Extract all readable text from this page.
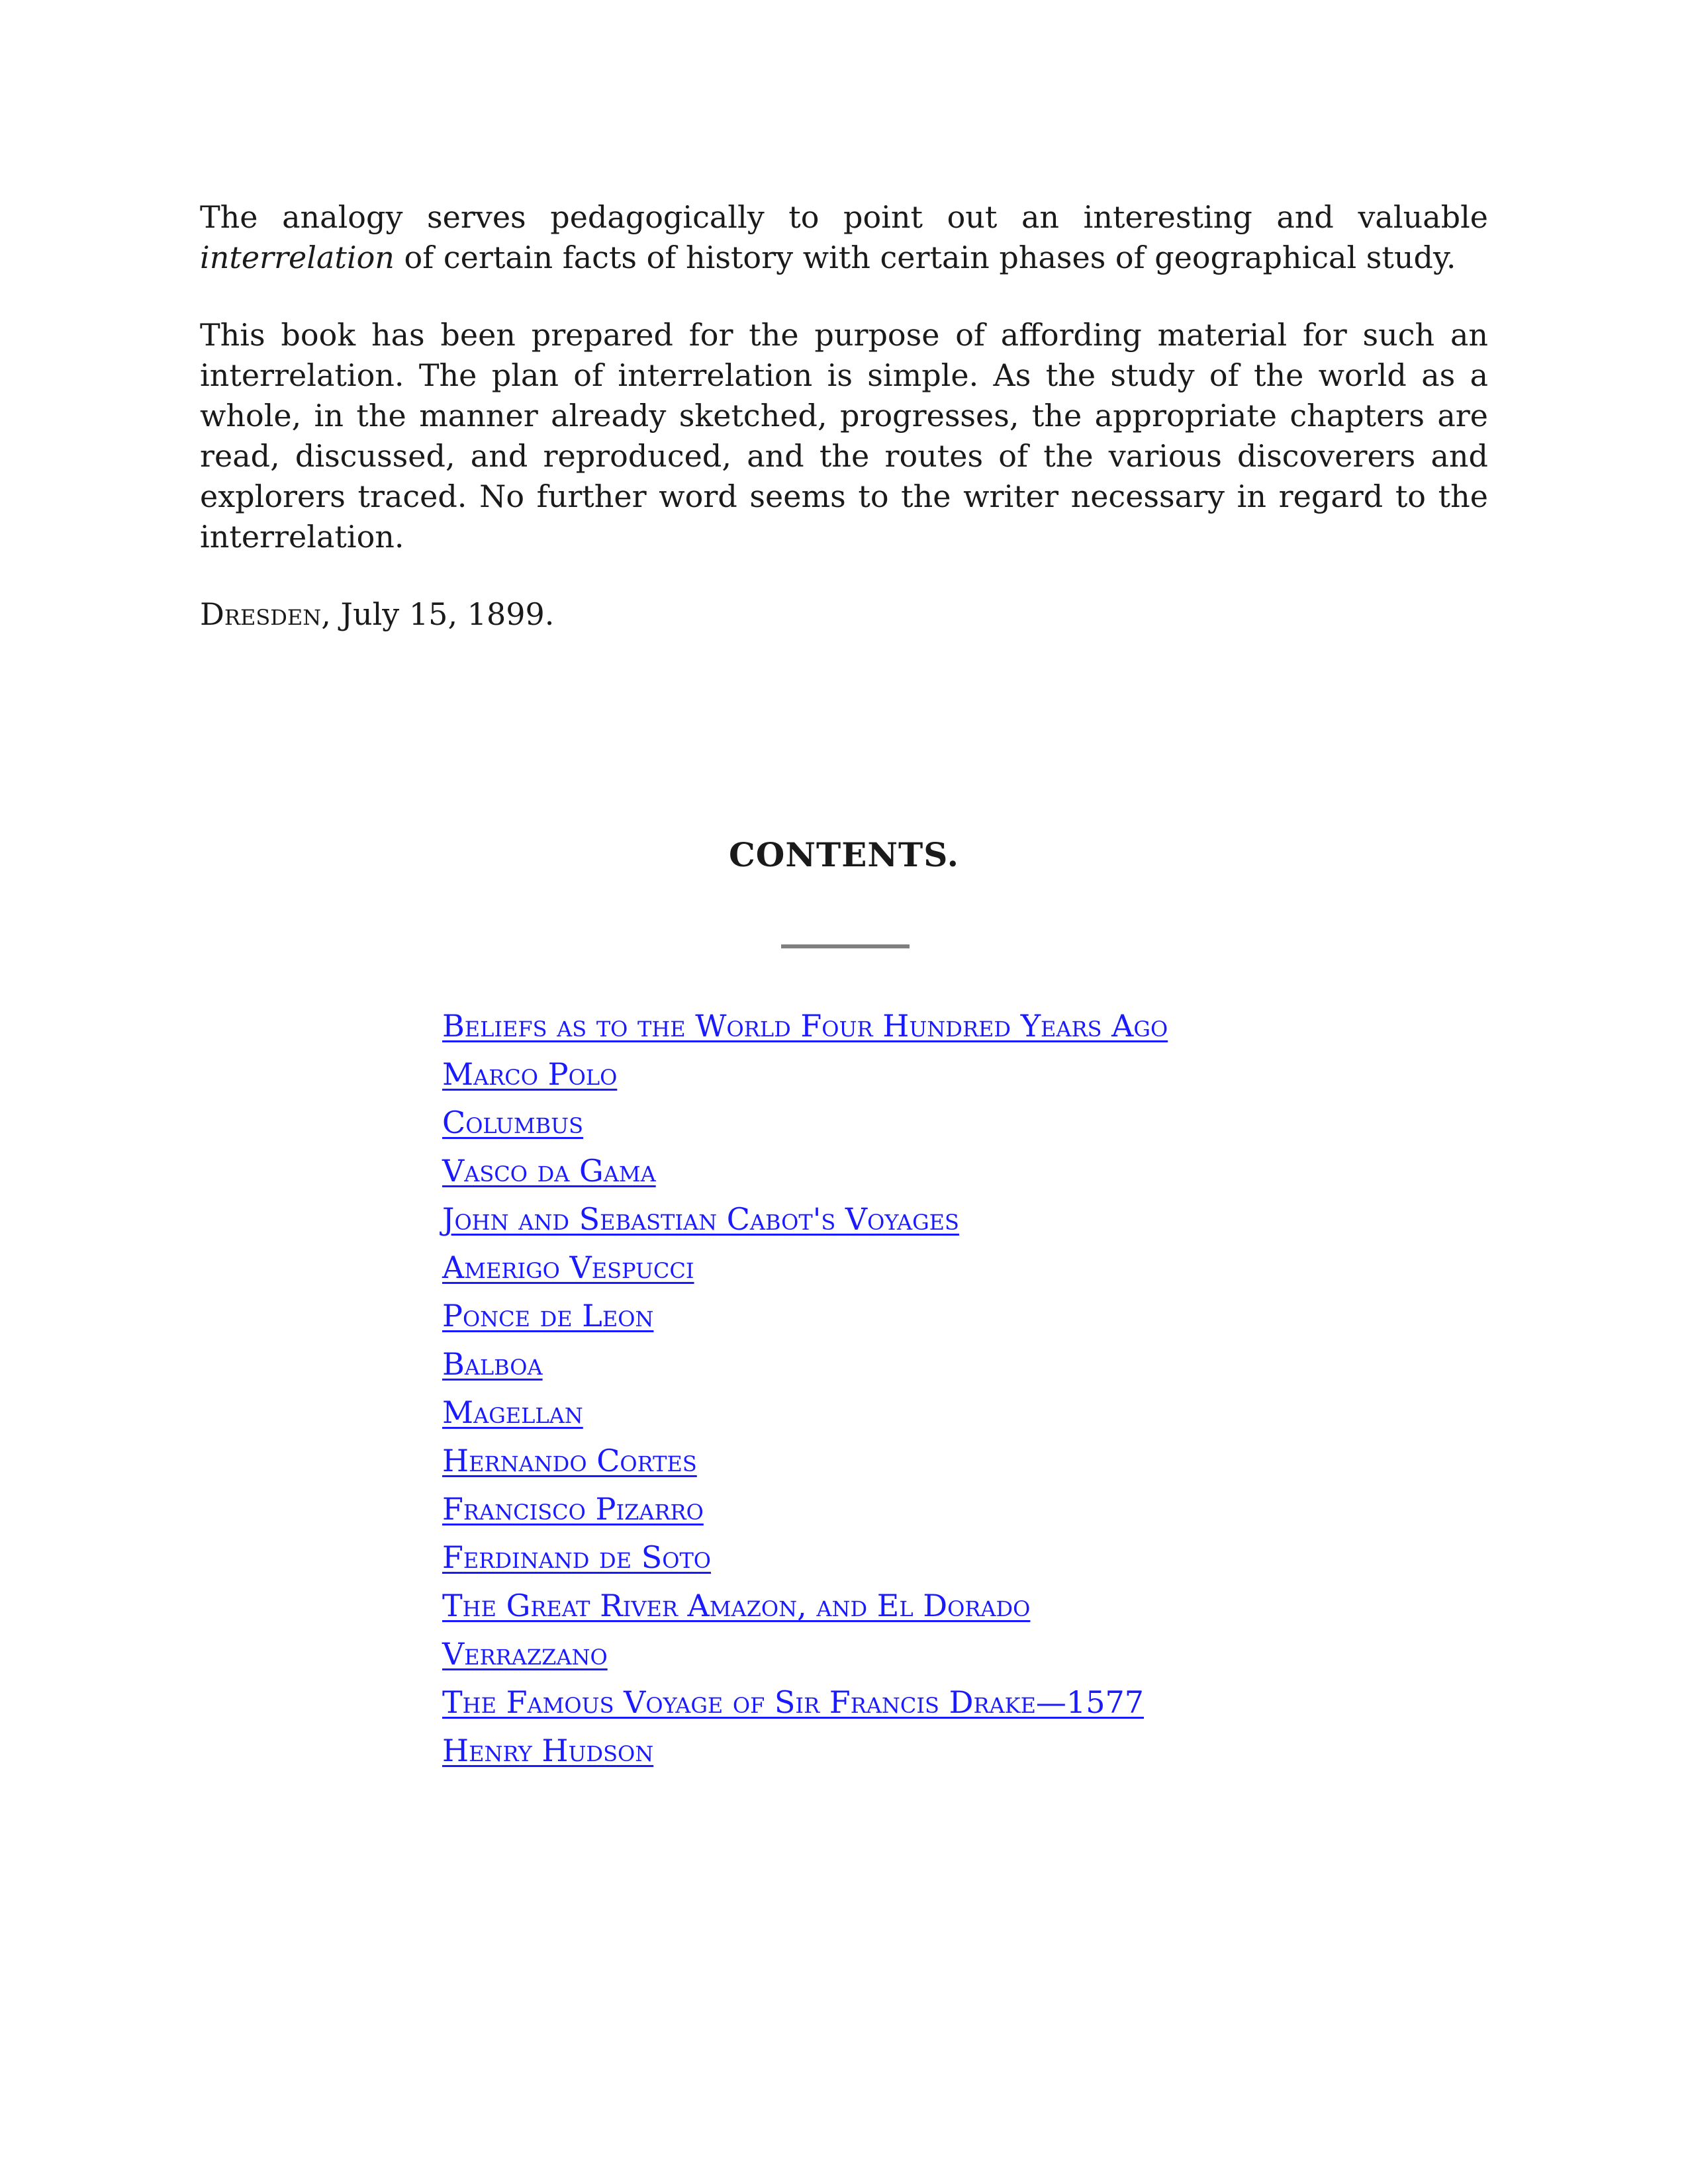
The analogy serves pedagogically to point out an interesting and valuable interrelation of certain facts of history with certain phases of geographical study.

This book has been prepared for the purpose of affording material for such an interrelation. The plan of interrelation is simple. As the study of the world as a whole, in the manner already sketched, progresses, the appropriate chapters are read, discussed, and reproduced, and the routes of the various discoverers and explorers traced. No further word seems to the writer necessary in regard to the interrelation.

Dresden, July 15, 1899.

CONTENTS.
Beliefs as to the World Four Hundred Years Ago
Marco Polo
Columbus
Vasco da Gama
John and Sebastian Cabot's Voyages
Amerigo Vespucci
Ponce de Leon
Balboa
Magellan
Hernando Cortes
Francisco Pizarro
Ferdinand de Soto
The Great River Amazon, and El Dorado
Verrazzano
The Famous Voyage of Sir Francis Drake—1577
Henry Hudson
